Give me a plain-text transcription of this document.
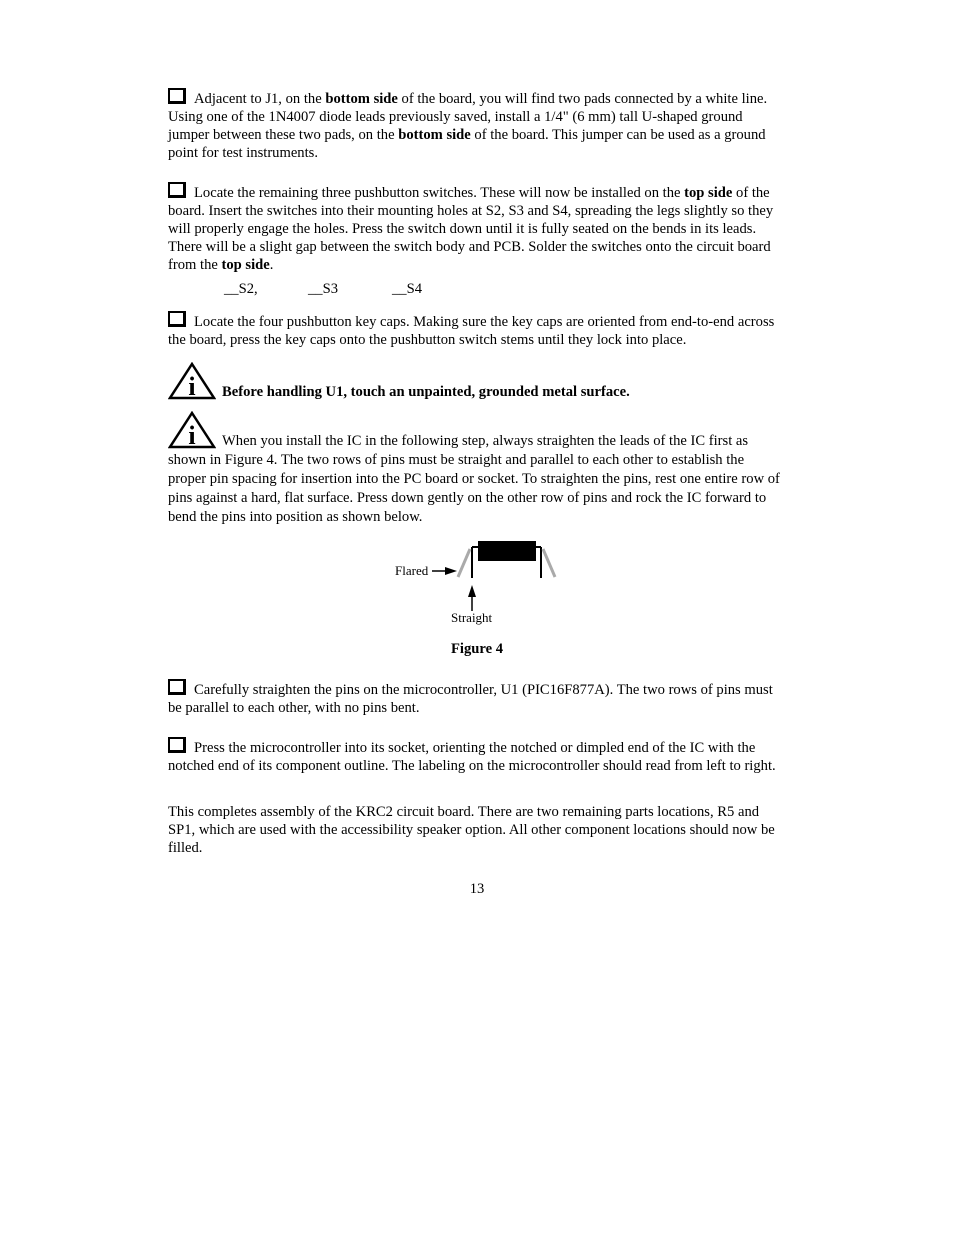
Adjacent to J1, on the bottom side of the board, you will find two pads connected by a white line. Using one of the 1N4007 diode leads previously saved, install a 1/4" (6 mm) tall U-shaped ground jumper between these two pads, on the bottom side of the board. This jumper can be used as a ground point for test instruments.

Locate the remaining three pushbutton switches. These will now be installed on the top side of the board. Insert the switches into their mounting holes at S2, S3 and S4, spreading the legs slightly so they will properly engage the holes. Press the switch down until it is fully seated on the bends in its leads. There will be a slight gap between the switch body and PCB. Solder the switches onto the circuit board from the top side.

__S2,	__S3	__S4

Locate the four pushbutton key caps. Making sure the key caps are oriented from end-to-end across the board, press the key caps onto the pushbutton switch stems until they lock into place.

i Before handling U1, touch an unpainted, grounded metal surface.

i When you install the IC in the following step, always straighten the leads of the IC first as shown in Figure 4. The two rows of pins must be straight and parallel to each other to establish the proper pin spacing for insertion into the PC board or socket. To straighten the pins, rest one entire row of pins against a hard, flat surface. Press down gently on the other row of pins and rock the IC forward to bend the pins into position as shown below.

Flared
Straight

Figure 4

Carefully straighten the pins on the microcontroller, U1 (PIC16F877A). The two rows of pins must be parallel to each other, with no pins bent.

Press the microcontroller into its socket, orienting the notched or dimpled end of the IC with the notched end of its component outline. The labeling on the microcontroller should read from left to right.

This completes assembly of the KRC2 circuit board. There are two remaining parts locations, R5 and SP1, which are used with the accessibility speaker option. All other component locations should now be filled.

13
